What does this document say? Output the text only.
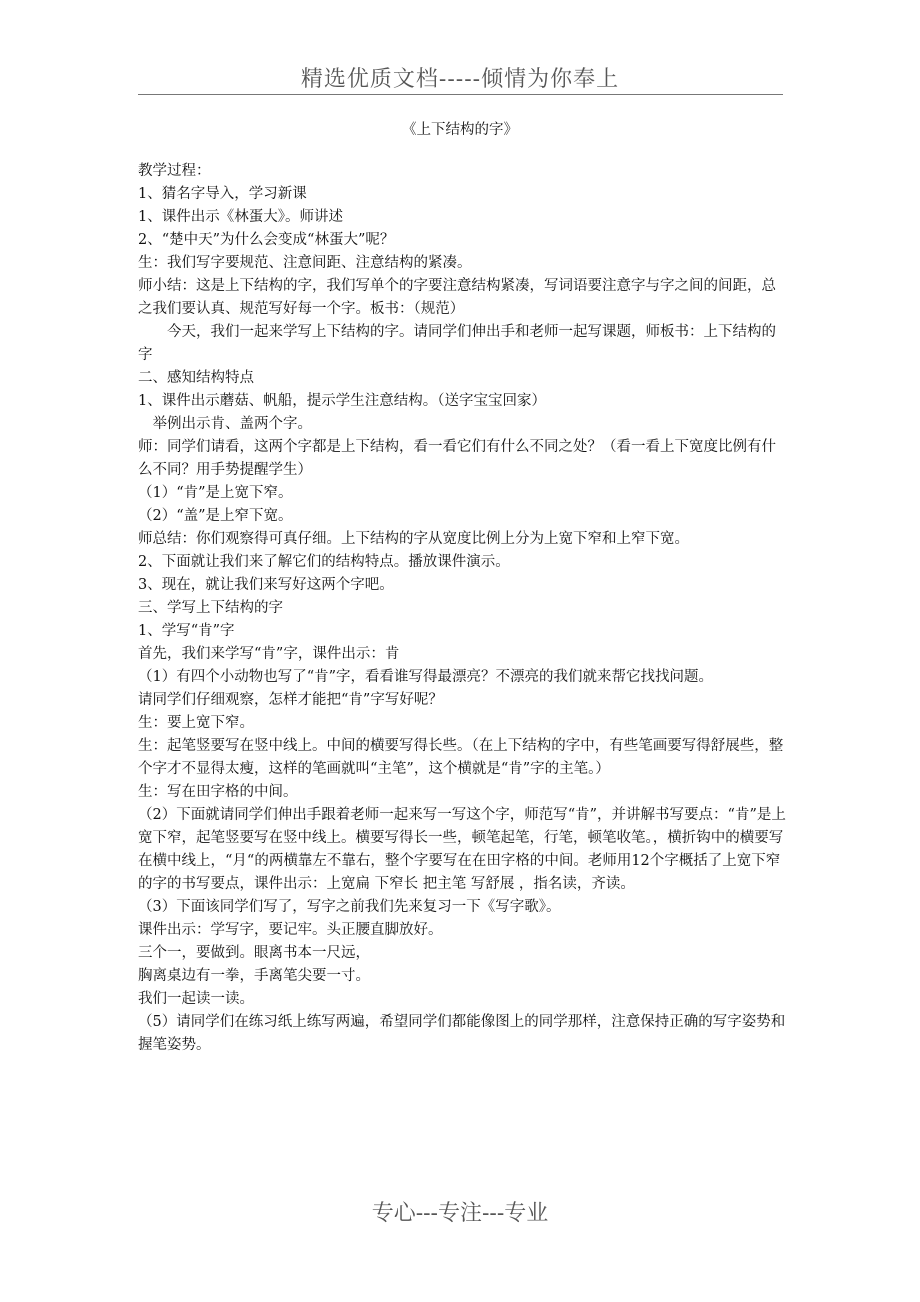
精选优质文档-----倾情为你奉上
《上下结构的字》

教学过程：

1、猜名字导入，学习新课

1、课件出示《林蛋大》。师讲述

2、“楚中天”为什么会变成“林蛋大”呢？

生：我们写字要规范、注意间距、注意结构的紧凑。

师小结：这是上下结构的字，我们写单个的字要注意结构紧凑，写词语要注意字与字之间的间距，总之我们要认真、规范写好每一个字。板书：（规范）

今天，我们一起来学写上下结构的字。请同学们伸出手和老师一起写课题，师板书：上下结构的字

二、感知结构特点

1、课件出示蘑菇、帆船，提示学生注意结构。（送字宝宝回家）

举例出示肯、盖两个字。

师：同学们请看，这两个字都是上下结构，看一看它们有什么不同之处？（看一看上下宽度比例有什么不同？用手势提醒学生）

（1）“肯”是上宽下窄。

（2）“盖”是上窄下宽。

师总结：你们观察得可真仔细。上下结构的字从宽度比例上分为上宽下窄和上窄下宽。

2、下面就让我们来了解它们的结构特点。播放课件演示。

3、现在，就让我们来写好这两个字吧。

三、学写上下结构的字

1、学写“肯”字

首先，我们来学写“肯”字，课件出示：肯

（1）有四个小动物也写了“肯”字，看看谁写得最漂亮？不漂亮的我们就来帮它找找问题。

请同学们仔细观察，怎样才能把“肯”字写好呢？

生：要上宽下窄。

生：起笔竖要写在竖中线上。中间的横要写得长些。（在上下结构的字中，有些笔画要写得舒展些，整个字才不显得太瘦，这样的笔画就叫“主笔”，这个横就是“肯”字的主笔。）

生：写在田字格的中间。

（2）下面就请同学们伸出手跟着老师一起来写一写这个字，师范写“肯”，并讲解书写要点：“肯”是上宽下窄，起笔竖要写在竖中线上。横要写得长一些，顿笔起笔，行笔，顿笔收笔。，横折钩中的横要写在横中线上，“月“的两横靠左不靠右，整个字要写在在田字格的中间。老师用12个字概括了上宽下窄的字的书写要点，课件出示：上宽扁 下窄长 把主笔 写舒展 ，指名读，齐读。

（3）下面该同学们写了，写字之前我们先来复习一下《写字歌》。

课件出示：学写字，要记牢。头正腰直脚放好。

三个一，要做到。眼离书本一尺远，

胸离桌边有一拳，手离笔尖要一寸。

我们一起读一读。

（5）请同学们在练习纸上练写两遍，希望同学们都能像图上的同学那样，注意保持正确的写字姿势和握笔姿势。

专心---专注---专业
